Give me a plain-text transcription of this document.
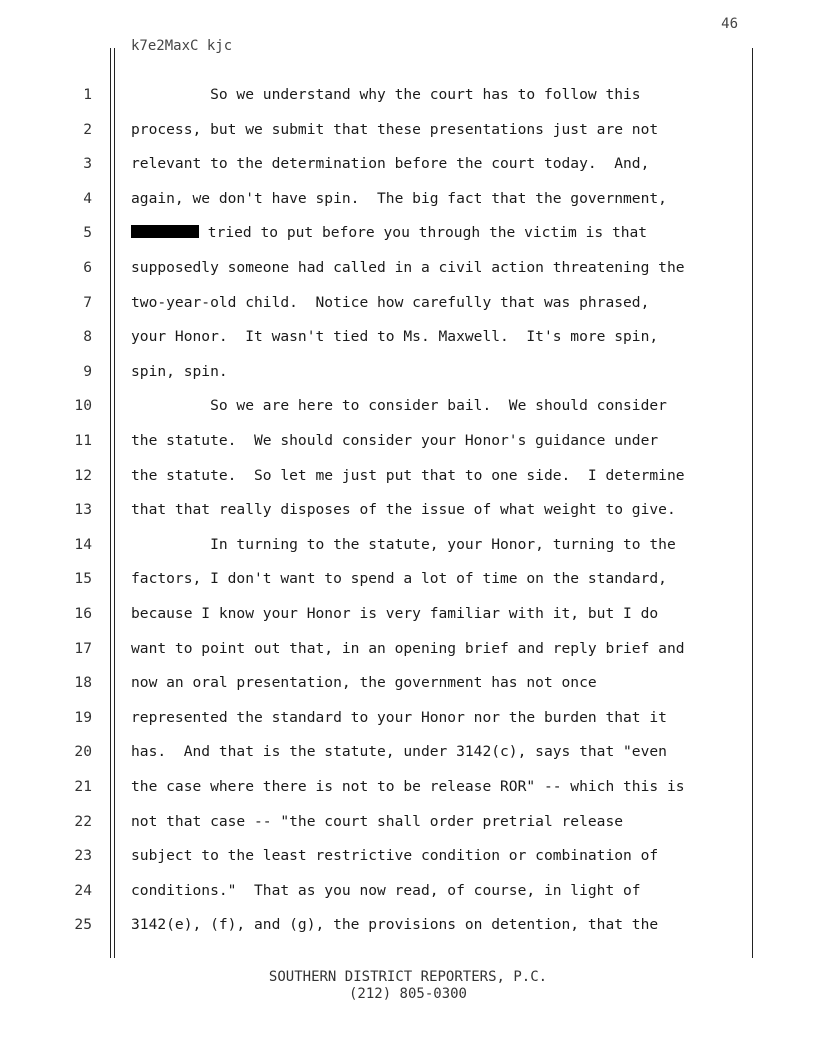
46
k7e2MaxC kjc
1	So we understand why the court has to follow this
2	process, but we submit that these presentations just are not
3	relevant to the determination before the court today.  And,
4	again, we don't have spin.  The big fact that the government,
5	tried to put before you through the victim is that
6	supposedly someone had called in a civil action threatening the
7	two-year-old child.  Notice how carefully that was phrased,
8	your Honor.  It wasn't tied to Ms. Maxwell.  It's more spin,
9	spin, spin.
10	So we are here to consider bail.  We should consider
11	the statute.  We should consider your Honor's guidance under
12	the statute.  So let me just put that to one side.  I determine
13	that that really disposes of the issue of what weight to give.
14	In turning to the statute, your Honor, turning to the
15	factors, I don't want to spend a lot of time on the standard,
16	because I know your Honor is very familiar with it, but I do
17	want to point out that, in an opening brief and reply brief and
18	now an oral presentation, the government has not once
19	represented the standard to your Honor nor the burden that it
20	has.  And that is the statute, under 3142(c), says that "even
21	the case where there is not to be release ROR" -- which this is
22	not that case -- "the court shall order pretrial release
23	subject to the least restrictive condition or combination of
24	conditions."  That as you now read, of course, in light of
25	3142(e), (f), and (g), the provisions on detention, that the
SOUTHERN DISTRICT REPORTERS, P.C.
(212) 805-0300
